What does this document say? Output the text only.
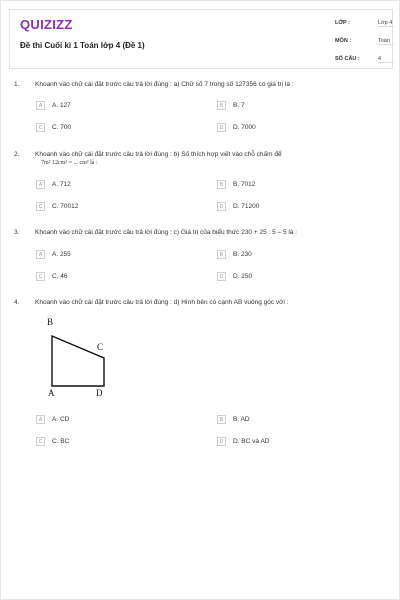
QUIZIZZ
Đề thi Cuối kì 1 Toán lớp 4 (Đề 1)
LỚP :	Lớp 4
MÔN :	Toán
SỐ CÂU :	4
1. Khoanh vào chữ cái đặt trước câu trả lời đúng : a) Chữ số 7 trong số 127356 có giá trị là :
A	A. 127	B	B. 7
C	C. 700	D	D. 7000
2. Khoanh vào chữ cái đặt trước câu trả lời đúng : b) Số thích hợp viết vào chỗ chấm để
7m² 12cm² = ... cm² là :
A	A. 712	B	B. 7012
C	C. 70012	D	D. 71200
3. Khoanh vào chữ cái đặt trước câu trả lời đúng : c) Giá trị của biểu thức 230 + 25 : 5 – 5 là :
A	A. 255	B	B. 230
C	C. 46	D	D. 250
4. Khoanh vào chữ cái đặt trước câu trả lời đúng : d) Hình bên có cạnh AB vuông góc với :
B
C
A	D
A	A. CD	B	B. AD
C	C. BC	D	D. BC và AD
